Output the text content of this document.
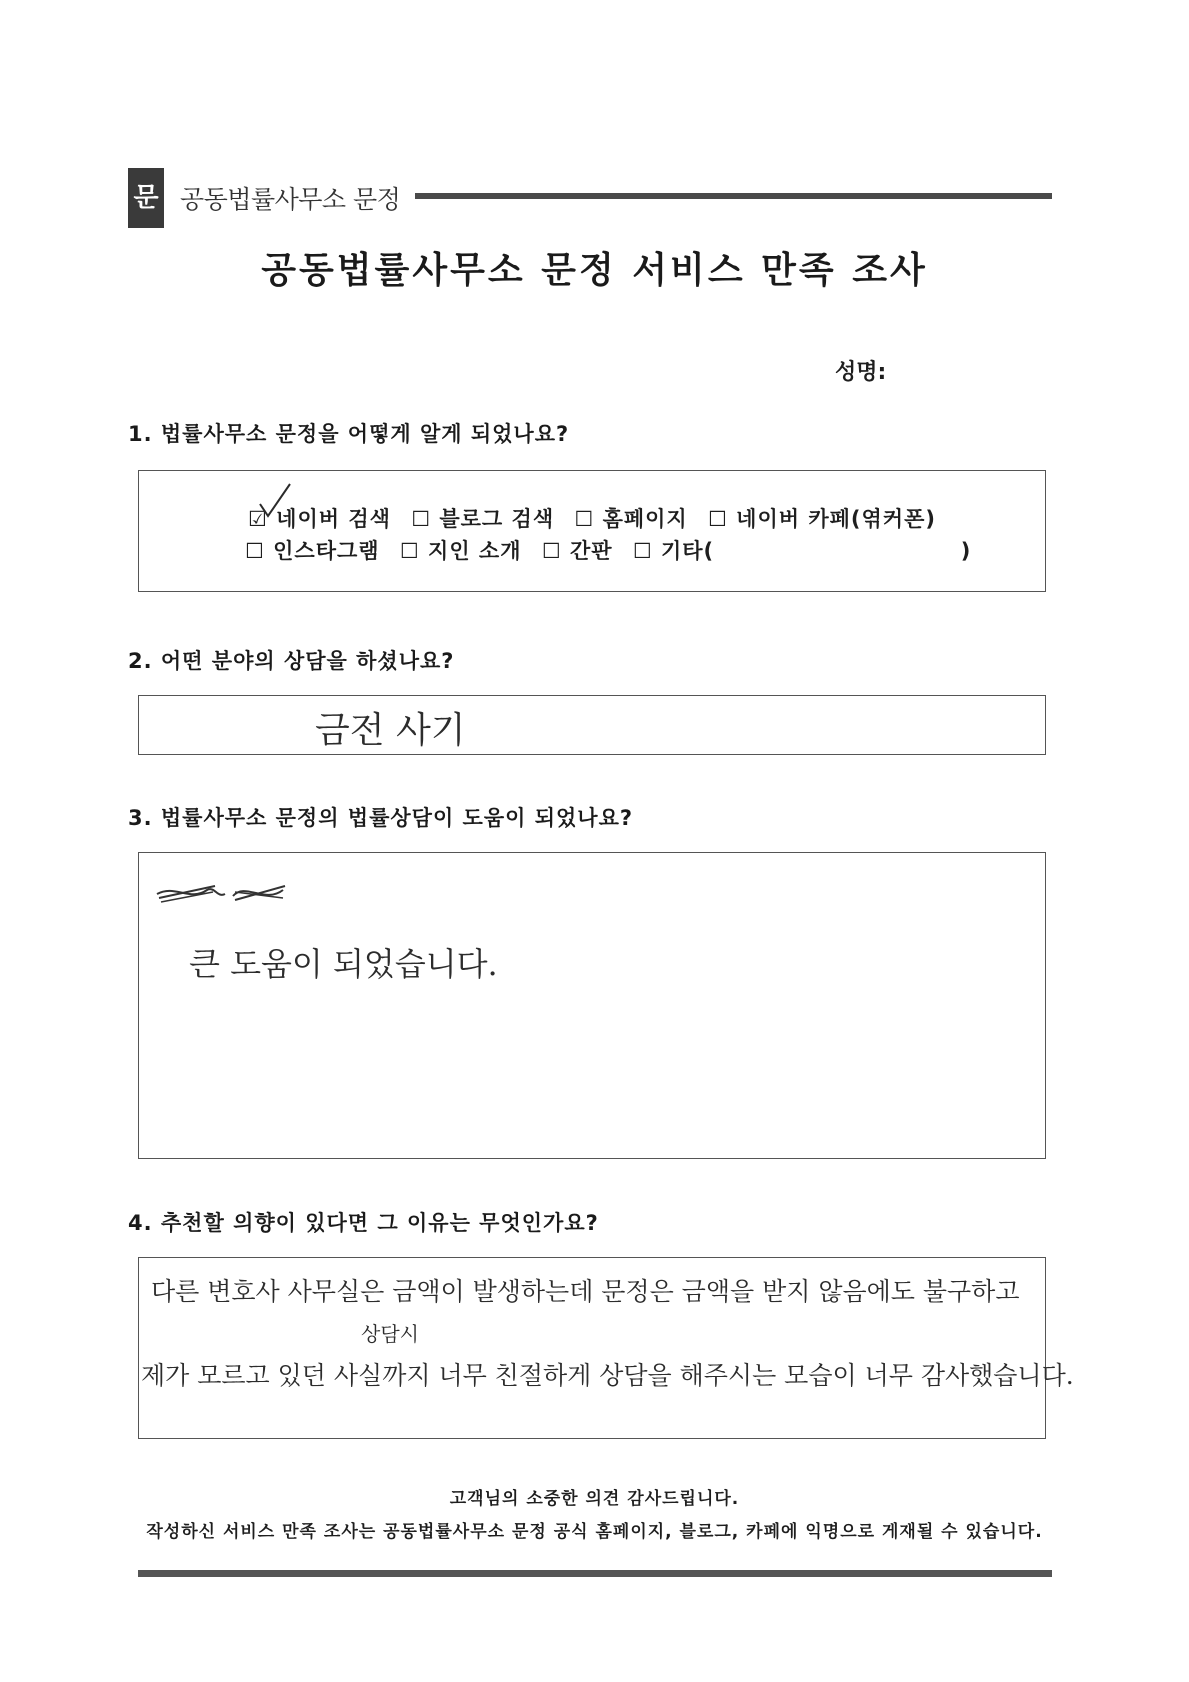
문정
공동법률사무소 문정
공동법률사무소 문정 서비스 만족 조사
성명:
1. 법률사무소 문정을 어떻게 알게 되었나요?
☑ 네이버 검색 ☐ 블로그 검색 ☐ 홈페이지 ☐ 네이버 카페(엮커폰)
☐ 인스타그램 ☐ 지인 소개 ☐ 간판 ☐ 기타(	)
2. 어떤 분야의 상담을 하셨나요?
금전 사기
3. 법률사무소 문정의 법률상담이 도움이 되었나요?
큰 도움이 되었습니다.
4. 추천할 의향이 있다면 그 이유는 무엇인가요?
다른 변호사 사무실은 금액이 발생하는데 문정은 금액을 받지 않음에도 불구하고
상담시
제가 모르고 있던 사실까지 너무 친절하게 상담을 해주시는 모습이 너무 감사했습니다.
고객님의 소중한 의견 감사드립니다.
작성하신 서비스 만족 조사는 공동법률사무소 문정 공식 홈페이지, 블로그, 카페에 익명으로 게재될 수 있습니다.
